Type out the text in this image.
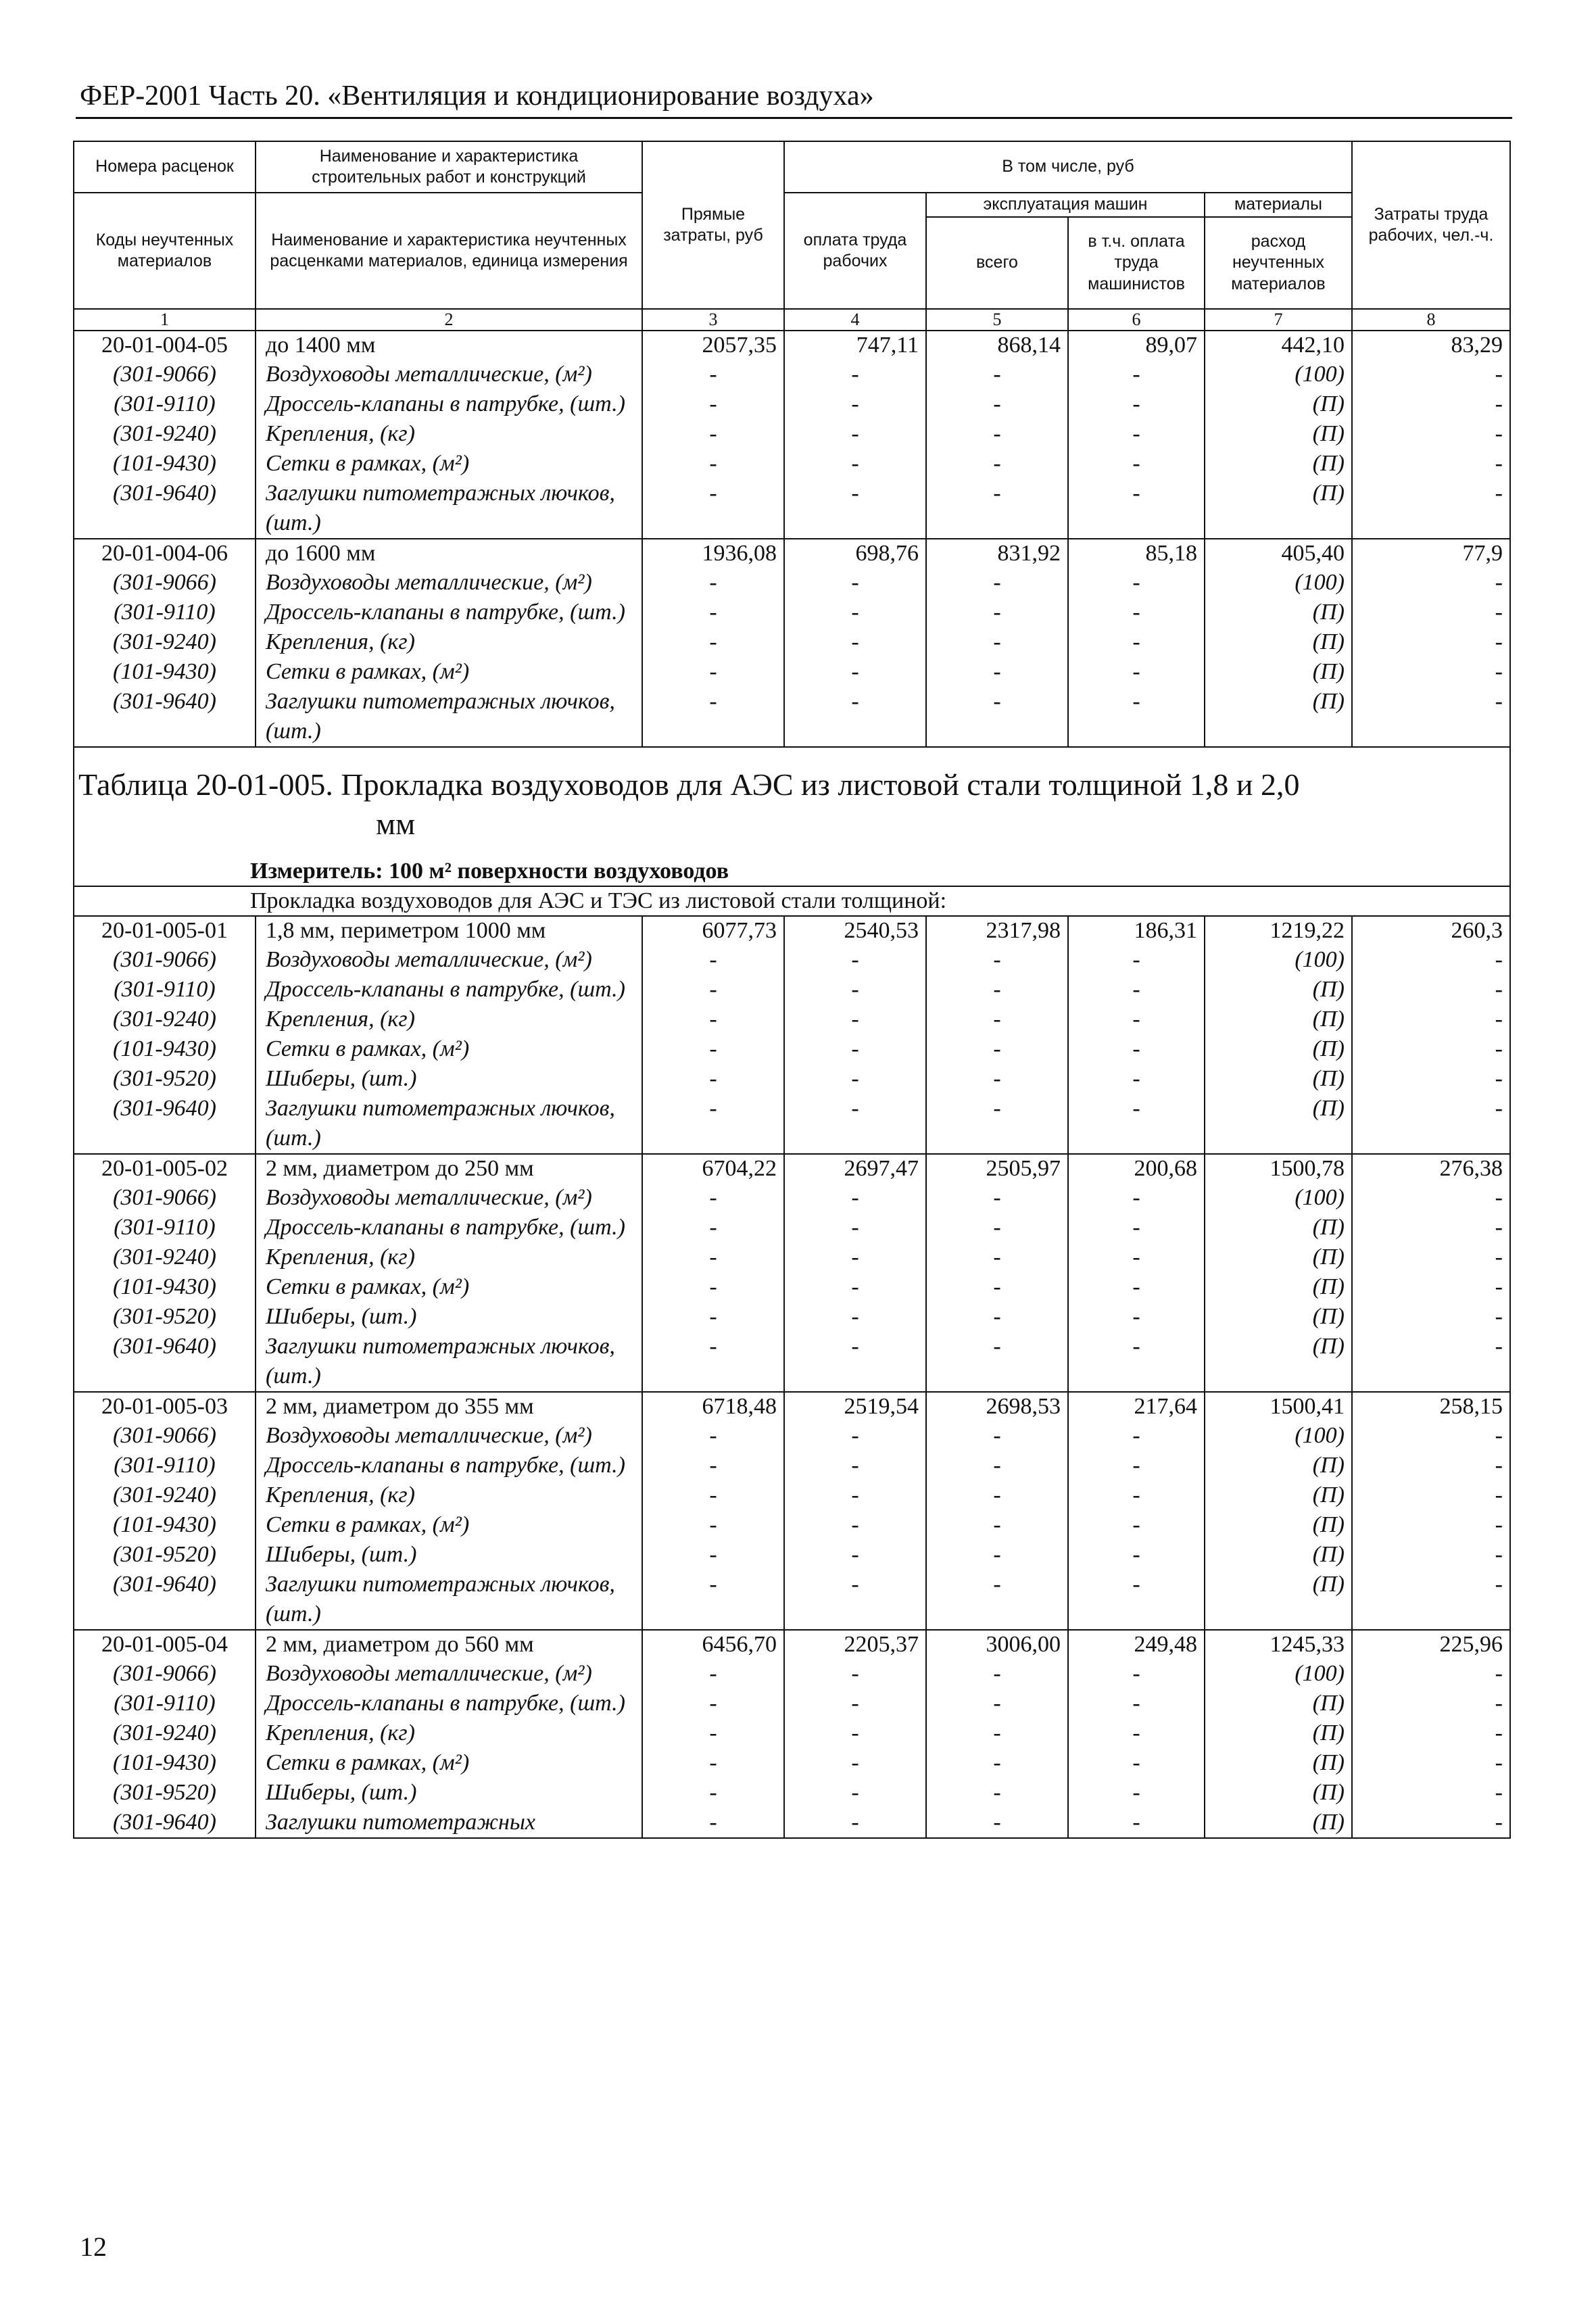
ФЕР-2001 Часть 20. «Вентиляция и кондиционирование воздуха»
Номера расценок	Наименование и характеристика строительных работ и конструкций	Прямые затраты, руб	В том числе, руб				Затраты труда рабочих, чел.-ч.
Коды неучтенных материалов	Наименование и характеристика неучтенных расценками материалов, единица измерения		оплата труда рабочих	эксплуатация машин		материалы	
				всего	в т.ч. оплата труда машинистов	расход неучтенных материалов	
1	2	3	4	5	6	7	8
20-01-004-05	до 1400 мм	2057,35	747,11	868,14	89,07	442,10	83,29
(301-9066)	Воздуховоды металлические, (м²)	-	-	-	-	(100)	-
(301-9110)	Дроссель-клапаны в патрубке, (шт.)	-	-	-	-	(П)	-
(301-9240)	Крепления, (кг)	-	-	-	-	(П)	-
(101-9430)	Сетки в рамках, (м²)	-	-	-	-	(П)	-
(301-9640)	Заглушки питометражных лючков, (шт.)	-	-	-	-	(П)	-
20-01-004-06	до 1600 мм	1936,08	698,76	831,92	85,18	405,40	77,9
(301-9066)	Воздуховоды металлические, (м²)	-	-	-	-	(100)	-
(301-9110)	Дроссель-клапаны в патрубке, (шт.)	-	-	-	-	(П)	-
(301-9240)	Крепления, (кг)	-	-	-	-	(П)	-
(101-9430)	Сетки в рамках, (м²)	-	-	-	-	(П)	-
(301-9640)	Заглушки питометражных лючков, (шт.)	-	-	-	-	(П)	-
Таблица 20-01-005. Прокладка воздуховодов для АЭС из листовой стали толщиной 1,8 и 2,0
мм							

Измеритель: 100 м² поверхности воздуховодов							
Прокладка воздуховодов для АЭС и ТЭС из листовой стали толщиной:							
20-01-005-01	1,8 мм, периметром 1000 мм	6077,73	2540,53	2317,98	186,31	1219,22	260,3
(301-9066)	Воздуховоды металлические, (м²)	-	-	-	-	(100)	-
(301-9110)	Дроссель-клапаны в патрубке, (шт.)	-	-	-	-	(П)	-
(301-9240)	Крепления, (кг)	-	-	-	-	(П)	-
(101-9430)	Сетки в рамках, (м²)	-	-	-	-	(П)	-
(301-9520)	Шиберы, (шт.)	-	-	-	-	(П)	-
(301-9640)	Заглушки питометражных лючков, (шт.)	-	-	-	-	(П)	-
20-01-005-02	2 мм, диаметром до 250 мм	6704,22	2697,47	2505,97	200,68	1500,78	276,38
(301-9066)	Воздуховоды металлические, (м²)	-	-	-	-	(100)	-
(301-9110)	Дроссель-клапаны в патрубке, (шт.)	-	-	-	-	(П)	-
(301-9240)	Крепления, (кг)	-	-	-	-	(П)	-
(101-9430)	Сетки в рамках, (м²)	-	-	-	-	(П)	-
(301-9520)	Шиберы, (шт.)	-	-	-	-	(П)	-
(301-9640)	Заглушки питометражных лючков, (шт.)	-	-	-	-	(П)	-
20-01-005-03	2 мм, диаметром до 355 мм	6718,48	2519,54	2698,53	217,64	1500,41	258,15
(301-9066)	Воздуховоды металлические, (м²)	-	-	-	-	(100)	-
(301-9110)	Дроссель-клапаны в патрубке, (шт.)	-	-	-	-	(П)	-
(301-9240)	Крепления, (кг)	-	-	-	-	(П)	-
(101-9430)	Сетки в рамках, (м²)	-	-	-	-	(П)	-
(301-9520)	Шиберы, (шт.)	-	-	-	-	(П)	-
(301-9640)	Заглушки питометражных лючков, (шт.)	-	-	-	-	(П)	-
20-01-005-04	2 мм, диаметром до 560 мм	6456,70	2205,37	3006,00	249,48	1245,33	225,96
(301-9066)	Воздуховоды металлические, (м²)	-	-	-	-	(100)	-
(301-9110)	Дроссель-клапаны в патрубке, (шт.)	-	-	-	-	(П)	-
(301-9240)	Крепления, (кг)	-	-	-	-	(П)	-
(101-9430)	Сетки в рамках, (м²)	-	-	-	-	(П)	-
(301-9520)	Шиберы, (шт.)	-	-	-	-	(П)	-
(301-9640)	Заглушки питометражных	-	-	-	-	(П)	-
12
